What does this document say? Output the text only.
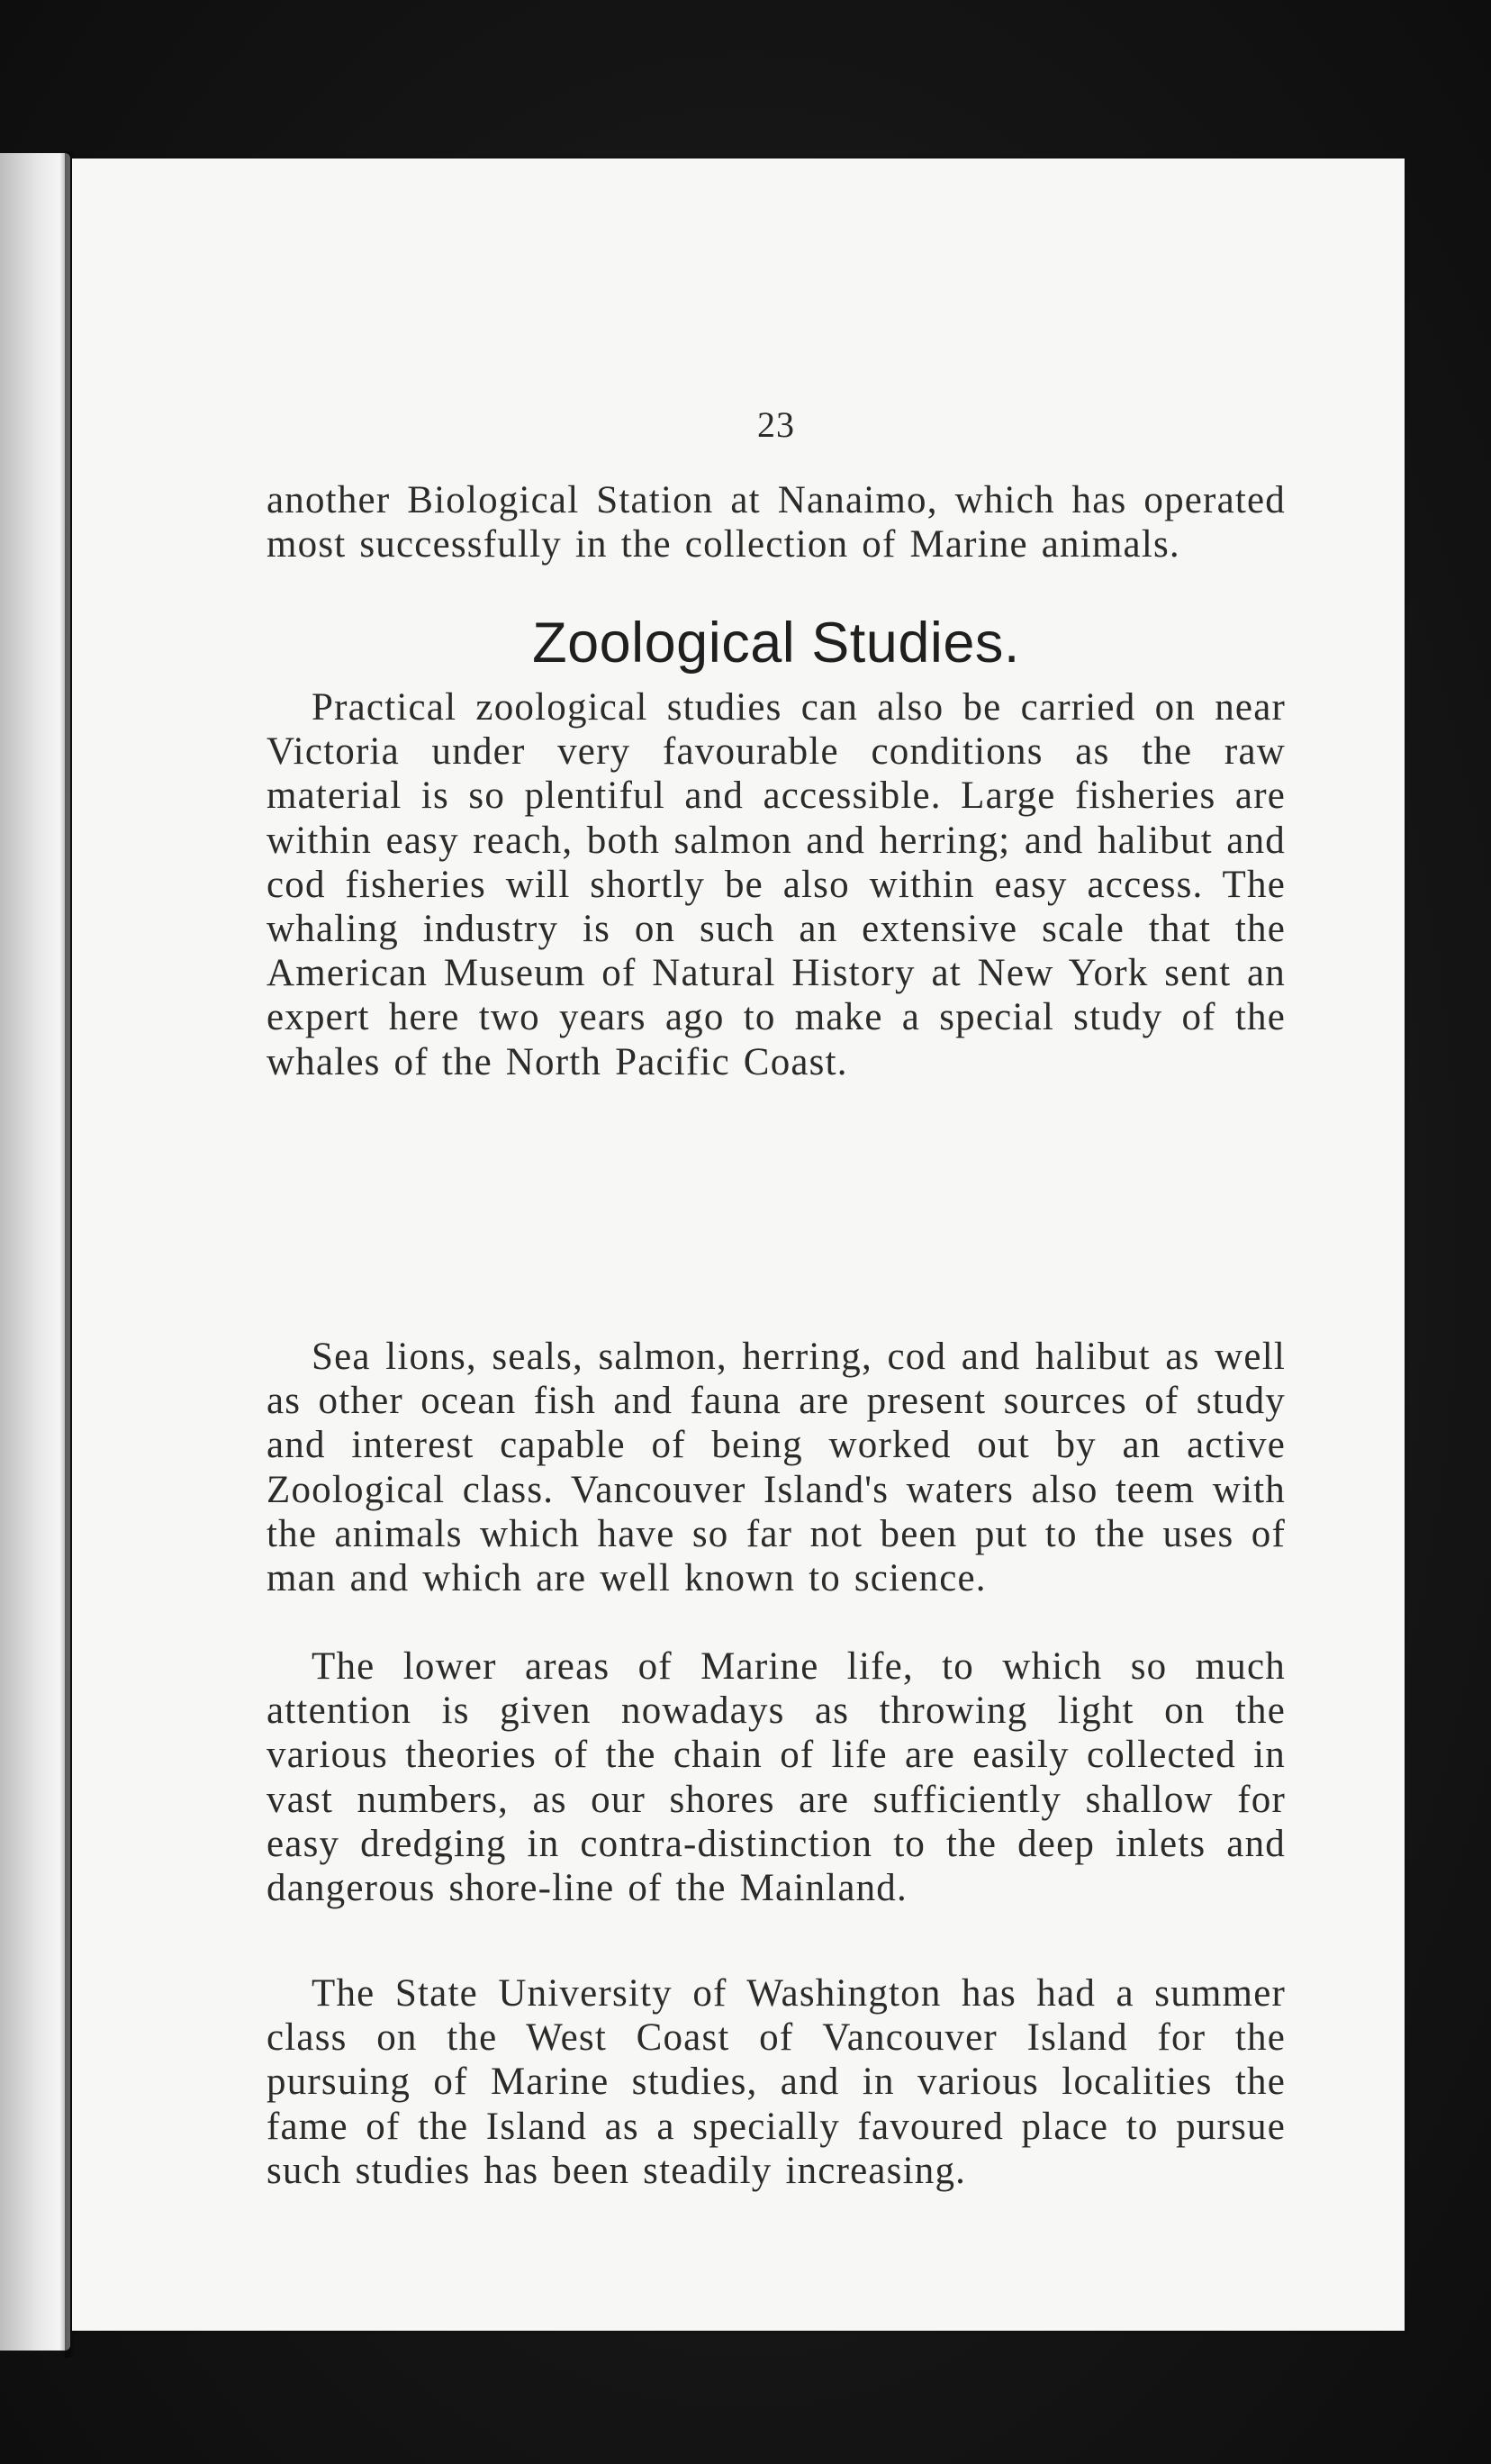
23

another Biological Station at Nanaimo, which has operated most successfully in the collection of Marine animals.

Zoological Studies.

Practical zoological studies can also be carried on near Victoria under very favourable conditions as the raw material is so plentiful and accessible. Large fisheries are within easy reach, both salmon and herring; and halibut and cod fisheries will shortly be also within easy access. The whaling industry is on such an extensive scale that the American Museum of Natural History at New York sent an expert here two years ago to make a special study of the whales of the North Pacific Coast.

Sea lions, seals, salmon, herring, cod and halibut as well as other ocean fish and fauna are present sources of study and interest capable of being worked out by an active Zoological class. Vancouver Island's waters also teem with the animals which have so far not been put to the uses of man and which are well known to science.

The lower areas of Marine life, to which so much attention is given nowadays as throwing light on the various theories of the chain of life are easily collected in vast numbers, as our shores are sufficiently shallow for easy dredging in contra-distinction to the deep inlets and dangerous shore-line of the Mainland.

The State University of Washington has had a summer class on the West Coast of Vancouver Island for the pursuing of Marine studies, and in various localities the fame of the Island as a specially favoured place to pursue such studies has been steadily increasing.
